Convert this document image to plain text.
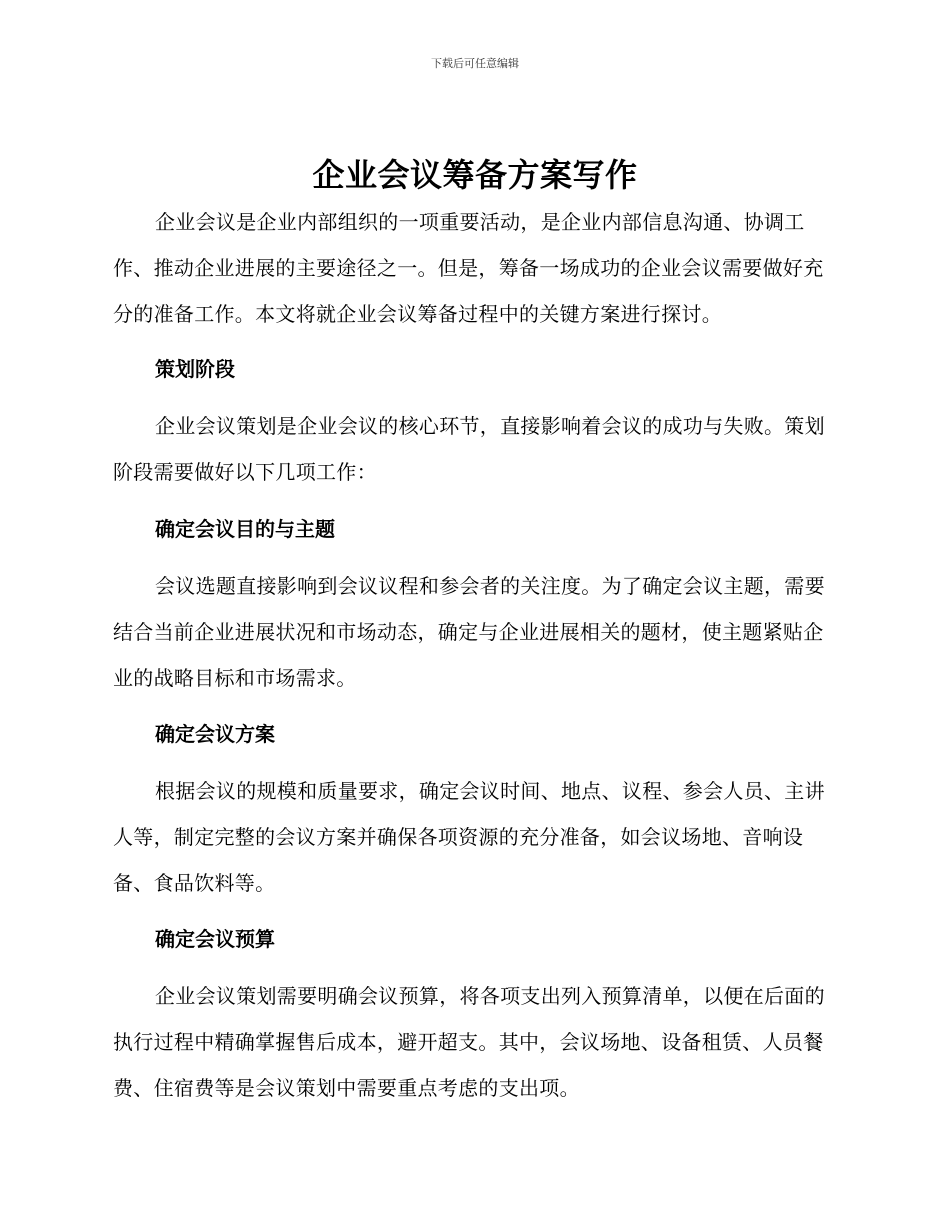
下载后可任意编辑
企业会议筹备方案写作

企业会议是企业内部组织的一项重要活动，是企业内部信息沟通、协调工作、推动企业进展的主要途径之一。但是，筹备一场成功的企业会议需要做好充分的准备工作。本文将就企业会议筹备过程中的关键方案进行探讨。

策划阶段

企业会议策划是企业会议的核心环节，直接影响着会议的成功与失败。策划阶段需要做好以下几项工作：

确定会议目的与主题

会议选题直接影响到会议议程和参会者的关注度。为了确定会议主题，需要结合当前企业进展状况和市场动态，确定与企业进展相关的题材，使主题紧贴企业的战略目标和市场需求。

确定会议方案

根据会议的规模和质量要求，确定会议时间、地点、议程、参会人员、主讲人等，制定完整的会议方案并确保各项资源的充分准备，如会议场地、音响设备、食品饮料等。

确定会议预算

企业会议策划需要明确会议预算，将各项支出列入预算清单，以便在后面的执行过程中精确掌握售后成本，避开超支。其中，会议场地、设备租赁、人员餐费、住宿费等是会议策划中需要重点考虑的支出项。
